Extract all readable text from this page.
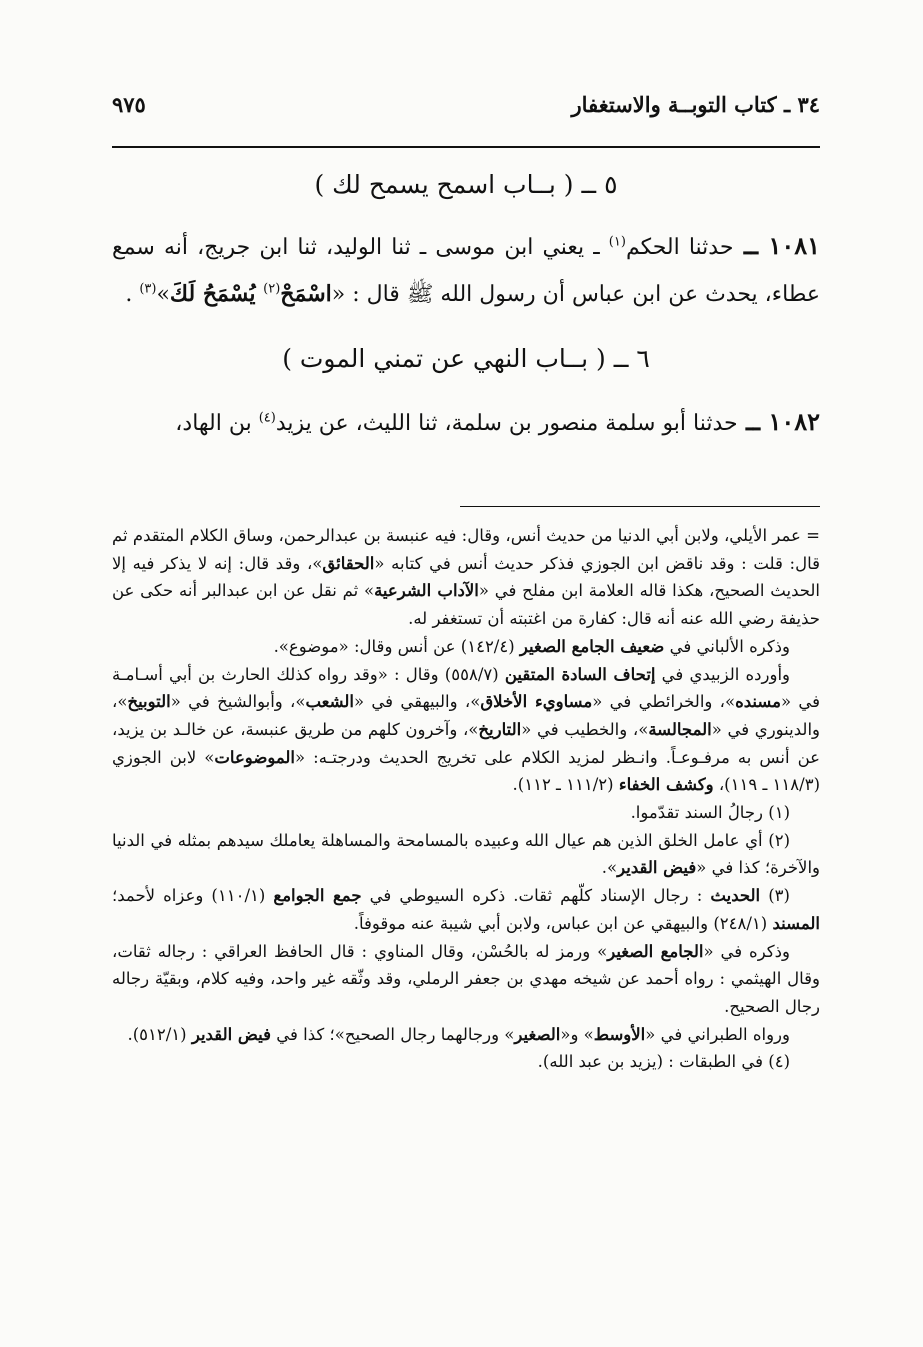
٣٤ ـ كتاب التوبــة والاستغفار
٩٧٥
٥ ــ ( بــاب اسمح يسمح لك )

١٠٨١ ــ حدثنا الحكم$^{(١)}$ ـ يعني ابن موسى ـ ثنا الوليد، ثنا ابن جريج، أنه سمع عطاء، يحدث عن ابن عباس أن رسول الله ﷺ قال : «اسْمَحْ$^{(٢)}$ يُسْمَحُ لَكَ»$^{(٣)}$ .

٦ ــ ( بــاب النهي عن تمني الموت )

١٠٨٢ ــ حدثنا أبو سلمة منصور بن سلمة، ثنا الليث، عن يزيد$^{(٤)}$ بن الهاد،

= عمر الأيلي، ولابن أبي الدنيا من حديث أنس، وقال: فيه عنبسة بن عبدالرحمن، وساق الكلام المتقدم ثم قال: قلت : وقد ناقض ابن الجوزي فذكر حديث أنس في كتابه «الحقائق»، وقد قال: إنه لا يذكر فيه إلا الحديث الصحيح، هكذا قاله العلامة ابن مفلح في «الآداب الشرعية» ثم نقل عن ابن عبدالبر أنه حكى عن حذيفة رضي الله عنه أنه قال: كفارة من اغتبته أن تستغفر له.

وذكره الألباني في ضعيف الجامع الصغير (١٤٢/٤) عن أنس وقال: «موضوع».

وأورده الزبيدي في إتحاف السادة المتقين (٥٥٨/٧) وقال : «وقد رواه كذلك الحارث بن أبي أسـامـة في «مسنده»، والخرائطي في «مساويء الأخلاق»، والبيهقي في «الشعب»، وأبوالشيخ في «التوبيخ»، والدينوري في «المجالسة»، والخطيب في «التاريخ»، وآخرون كلهم من طريق عنبسة، عن خالـد بن يزيد، عن أنس به مرفـوعـاً. وانـظر لمزيد الكلام على تخريج الحديث ودرجتـه: «الموضوعات» لابن الجوزي (١١٨/٣ ـ ١١٩)، وكشف الخفاء (١١١/٢ ـ ١١٢).

(١) رجالُ السند تقدّموا.

(٢) أي عامل الخلق الذين هم عيال الله وعبيده بالمسامحة والمساهلة يعاملك سيدهم بمثله في الدنيا والآخرة؛ كذا في «فيض القدير».

(٣) الحديث : رجال الإسناد كلّهم ثقات. ذكره السيوطي في جمع الجوامع (١١٠/١) وعزاه لأحمد؛ المسند (٢٤٨/١) والبيهقي عن ابن عباس، ولابن أبي شيبة عنه موقوفاً.

وذكره في «الجامع الصغير» ورمز له بالحُسْن، وقال المناوي : قال الحافظ العراقي : رجاله ثقات، وقال الهيثمي : رواه أحمد عن شيخه مهدي بن جعفر الرملي، وقد وثّقه غير واحد، وفيه كلام، وبقيّة رجاله رجال الصحيح.

ورواه الطبراني في «الأوسط» و«الصغير» ورجالهما رجال الصحيح»؛ كذا في فيض القدير (٥١٢/١).

(٤) في الطبقات : (يزيد بن عبد الله).
